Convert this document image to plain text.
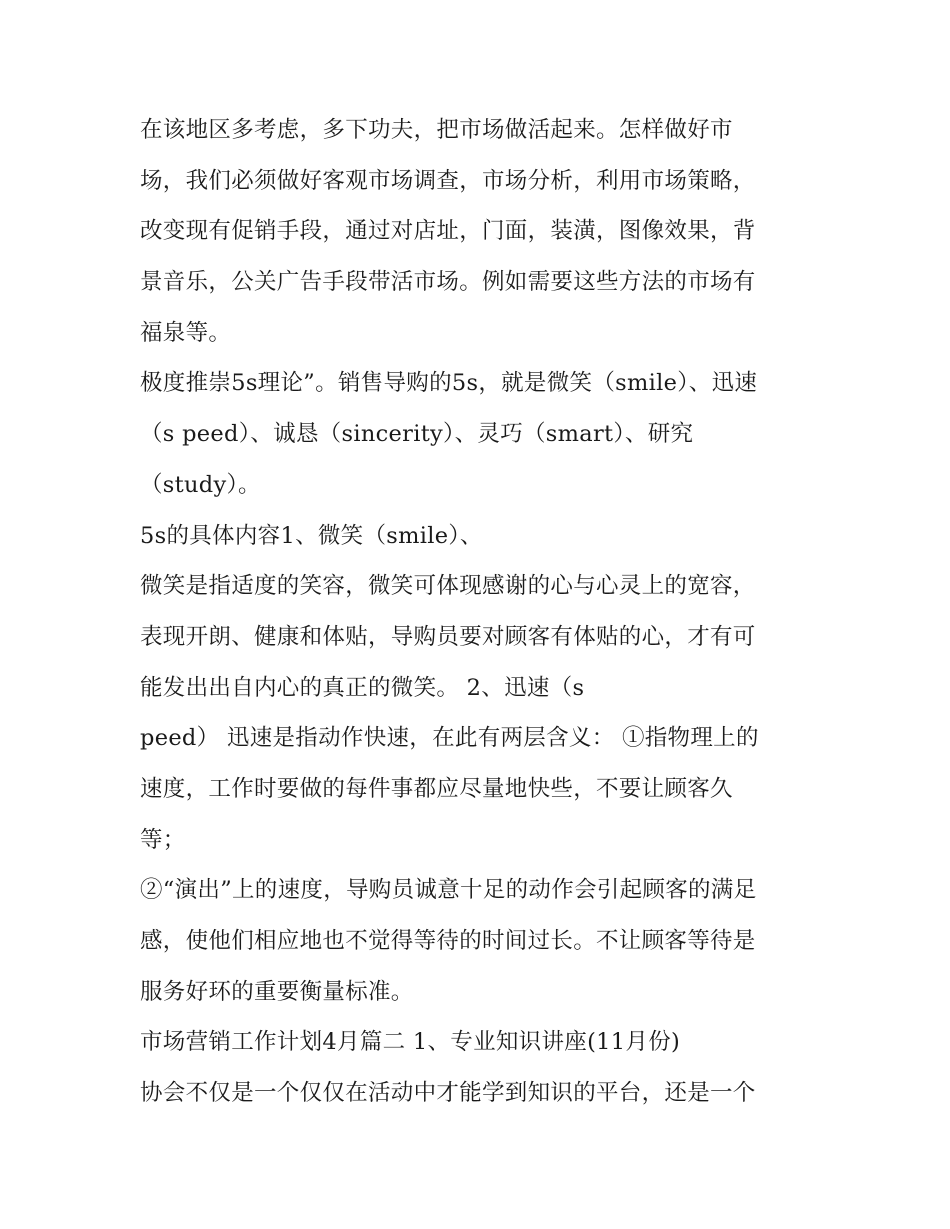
在该地区多考虑，多下功夫，把市场做活起来。怎样做好市
场，我们必须做好客观市场调查，市场分析，利用市场策略，
改变现有促销手段，通过对店址，门面，装潢，图像效果，背
景音乐，公关广告手段带活市场。例如需要这些方法的市场有
福泉等。
极度推崇5s理论”。销售导购的5s，就是微笑（smile）、迅速
（s peed）、诚恳（sincerity）、灵巧（smart）、研究
（study）。
5s的具体内容1、微笑（smile）、
微笑是指适度的笑容，微笑可体现感谢的心与心灵上的宽容，
表现开朗、健康和体贴，导购员要对顾客有体贴的心，才有可
能发出出自内心的真正的微笑。 2、迅速（s
peed） 迅速是指动作快速，在此有两层含义： ①指物理上的
速度，工作时要做的每件事都应尽量地快些，不要让顾客久
等；
②“演出”上的速度，导购员诚意十足的动作会引起顾客的满足
感，使他们相应地也不觉得等待的时间过长。不让顾客等待是
服务好环的重要衡量标准。
市场营销工作计划4月篇二 1、专业知识讲座(11月份)
协会不仅是一个仅仅在活动中才能学到知识的平台，还是一个
